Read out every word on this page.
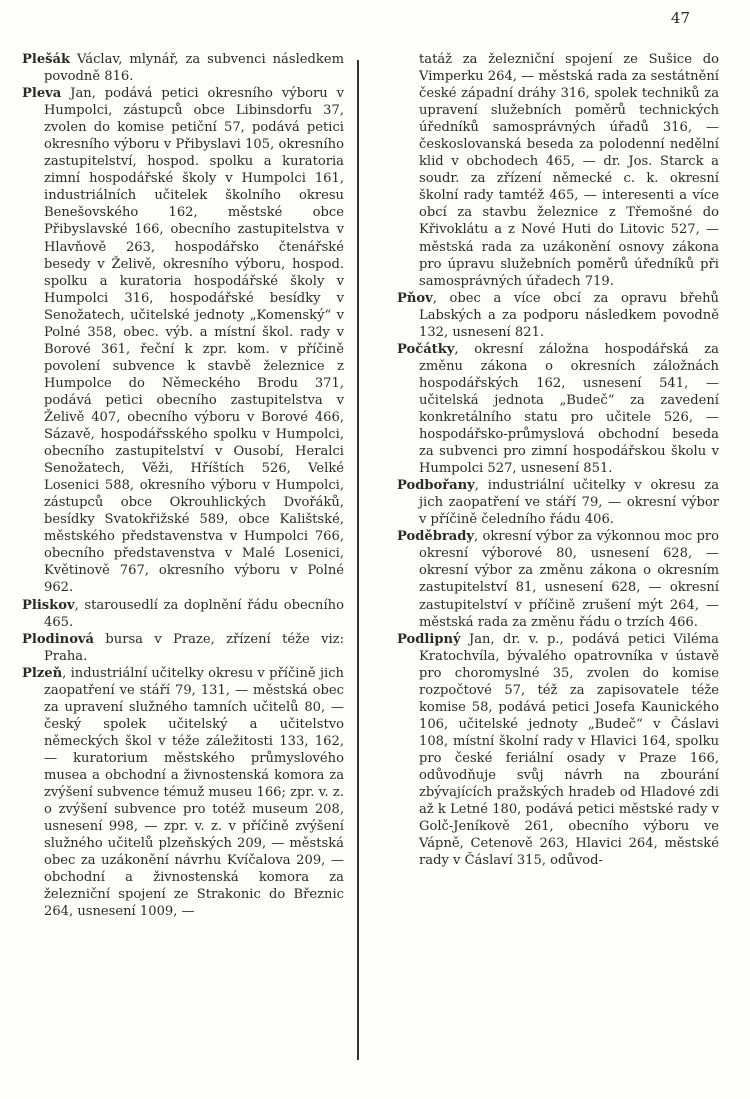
47

Plešák Václav, mlynář, za subvenci následkem povodně 816.

Pleva Jan, podává petici okresního výboru v Humpolci, zástupců obce Libinsdorfu 37, zvolen do komise petiční 57, podává petici okresního výboru v Přibyslavi 105, okresního zastupitelství, hospod. spolku a kuratoria zimní hospodářské školy v Humpolci 161, industriálních učitelek školního okresu Benešovského 162, městské obce Přibyslavské 166, obecního zastupitelstva v Hlavňově 263, hospodářsko čtenářské besedy v Želivě, okresního výboru, hospod. spolku a kuratoria hospodářské školy v Humpolci 316, hospodářské besídky v Senožatech, učitelské jednoty „Komenský“ v Polné 358, obec. výb. a místní škol. rady v Borové 361, řeční k zpr. kom. v příčině povolení subvence k stavbě železnice z Humpolce do Německého Brodu 371, podává petici obecního zastupitelstva v Želivě 407, obecního výboru v Borové 466, Sázavě, hospodářsského spolku v Humpolci, obecního zastupitelství v Ousobí, Heralci Senožatech, Věži, Hříštích 526, Velké Losenici 588, okresního výboru v Humpolci, zástupců obce Okrouhlických Dvořáků, besídky Svatokřižské 589, obce Kalištské, městského představenstva v Humpolci 766, obecního představenstva v Malé Losenici, Květinově 767, okresního výboru v Polné 962.

Pliskov, starousedlí za doplnění řádu obecního 465.

Plodinová bursa v Praze, zřízení téže viz: Praha.

Plzeň, industriální učitelky okresu v příčině jich zaopatření ve stáří 79, 131, — městská obec za upravení služného tamních učitelů 80, — český spolek učitelský a učitelstvo německých škol v téže záležitosti 133, 162, — kuratorium městského průmyslového musea a obchodní a živnostenská komora za zvýšení subvence témuž museu 166; zpr. v. z. o zvýšení subvence pro totéž museum 208, usnesení 998, — zpr. v. z. v příčině zvýšení služného učitelů plzeňských 209, — městská obec za uzákonění návrhu Kvíčalova 209, — obchodní a živnostenská komora za železniční spojení ze Strakonic do Březnic 264, usnesení 1009, —

tatáž za železniční spojení ze Sušice do Vimperku 264, — městská rada za sestátnění české západní dráhy 316, spolek techniků za upravení služebních poměrů technických úředníků samosprávných úřadů 316, — českoslovanská beseda za polodenní nedělní klid v obchodech 465, — dr. Jos. Starck a soudr. za zřízení německé c. k. okresní školní rady tamtéž 465, — interesenti a více obcí za stavbu železnice z Třemošné do Křivoklátu a z Nové Huti do Litovic 527, — městská rada za uzákonění osnovy zákona pro úpravu služebních poměrů úředníků při samosprávných úřadech 719.

Pňov, obec a více obcí za opravu břehů Labských a za podporu následkem povodně 132, usnesení 821.

Počátky, okresní záložna hospodářská za změnu zákona o okresních záložnách hospodářských 162, usnesení 541, — učitelská jednota „Budeč“ za zavedení konkretálního statu pro učitele 526, — hospodářsko-průmyslová obchodní beseda za subvenci pro zimní hospodářskou školu v Humpolci 527, usnesení 851.

Podbořany, industriální učitelky v okresu za jich zaopatření ve stáří 79, — okresní výbor v příčině čeledního řádu 406.

Poděbrady, okresní výbor za výkonnou moc pro okresní výborové 80, usnesení 628, — okresní výbor za změnu zákona o okresním zastupitelství 81, usnesení 628, — okresní zastupitelství v příčině zrušení mýt 264, — městská rada za změnu řádu o trzích 466.

Podlipný Jan, dr. v. p., podává petici Viléma Kratochvíla, bývalého opatrovníka v ústavě pro choromyslné 35, zvolen do komise rozpočtové 57, též za zapisovatele téže komise 58, podává petici Josefa Kaunického 106, učitelské jednoty „Budeč“ v Čáslavi 108, místní školní rady v Hlavici 164, spolku pro české feriální osady v Praze 166, odůvodňuje svůj návrh na zbourání zbývajících pražských hradeb od Hladové zdi až k Letné 180, podává petici městské rady v Golč-Jeníkově 261, obecního výboru ve Vápně, Cetenově 263, Hlavici 264, městské rady v Čáslaví 315, odůvod-
